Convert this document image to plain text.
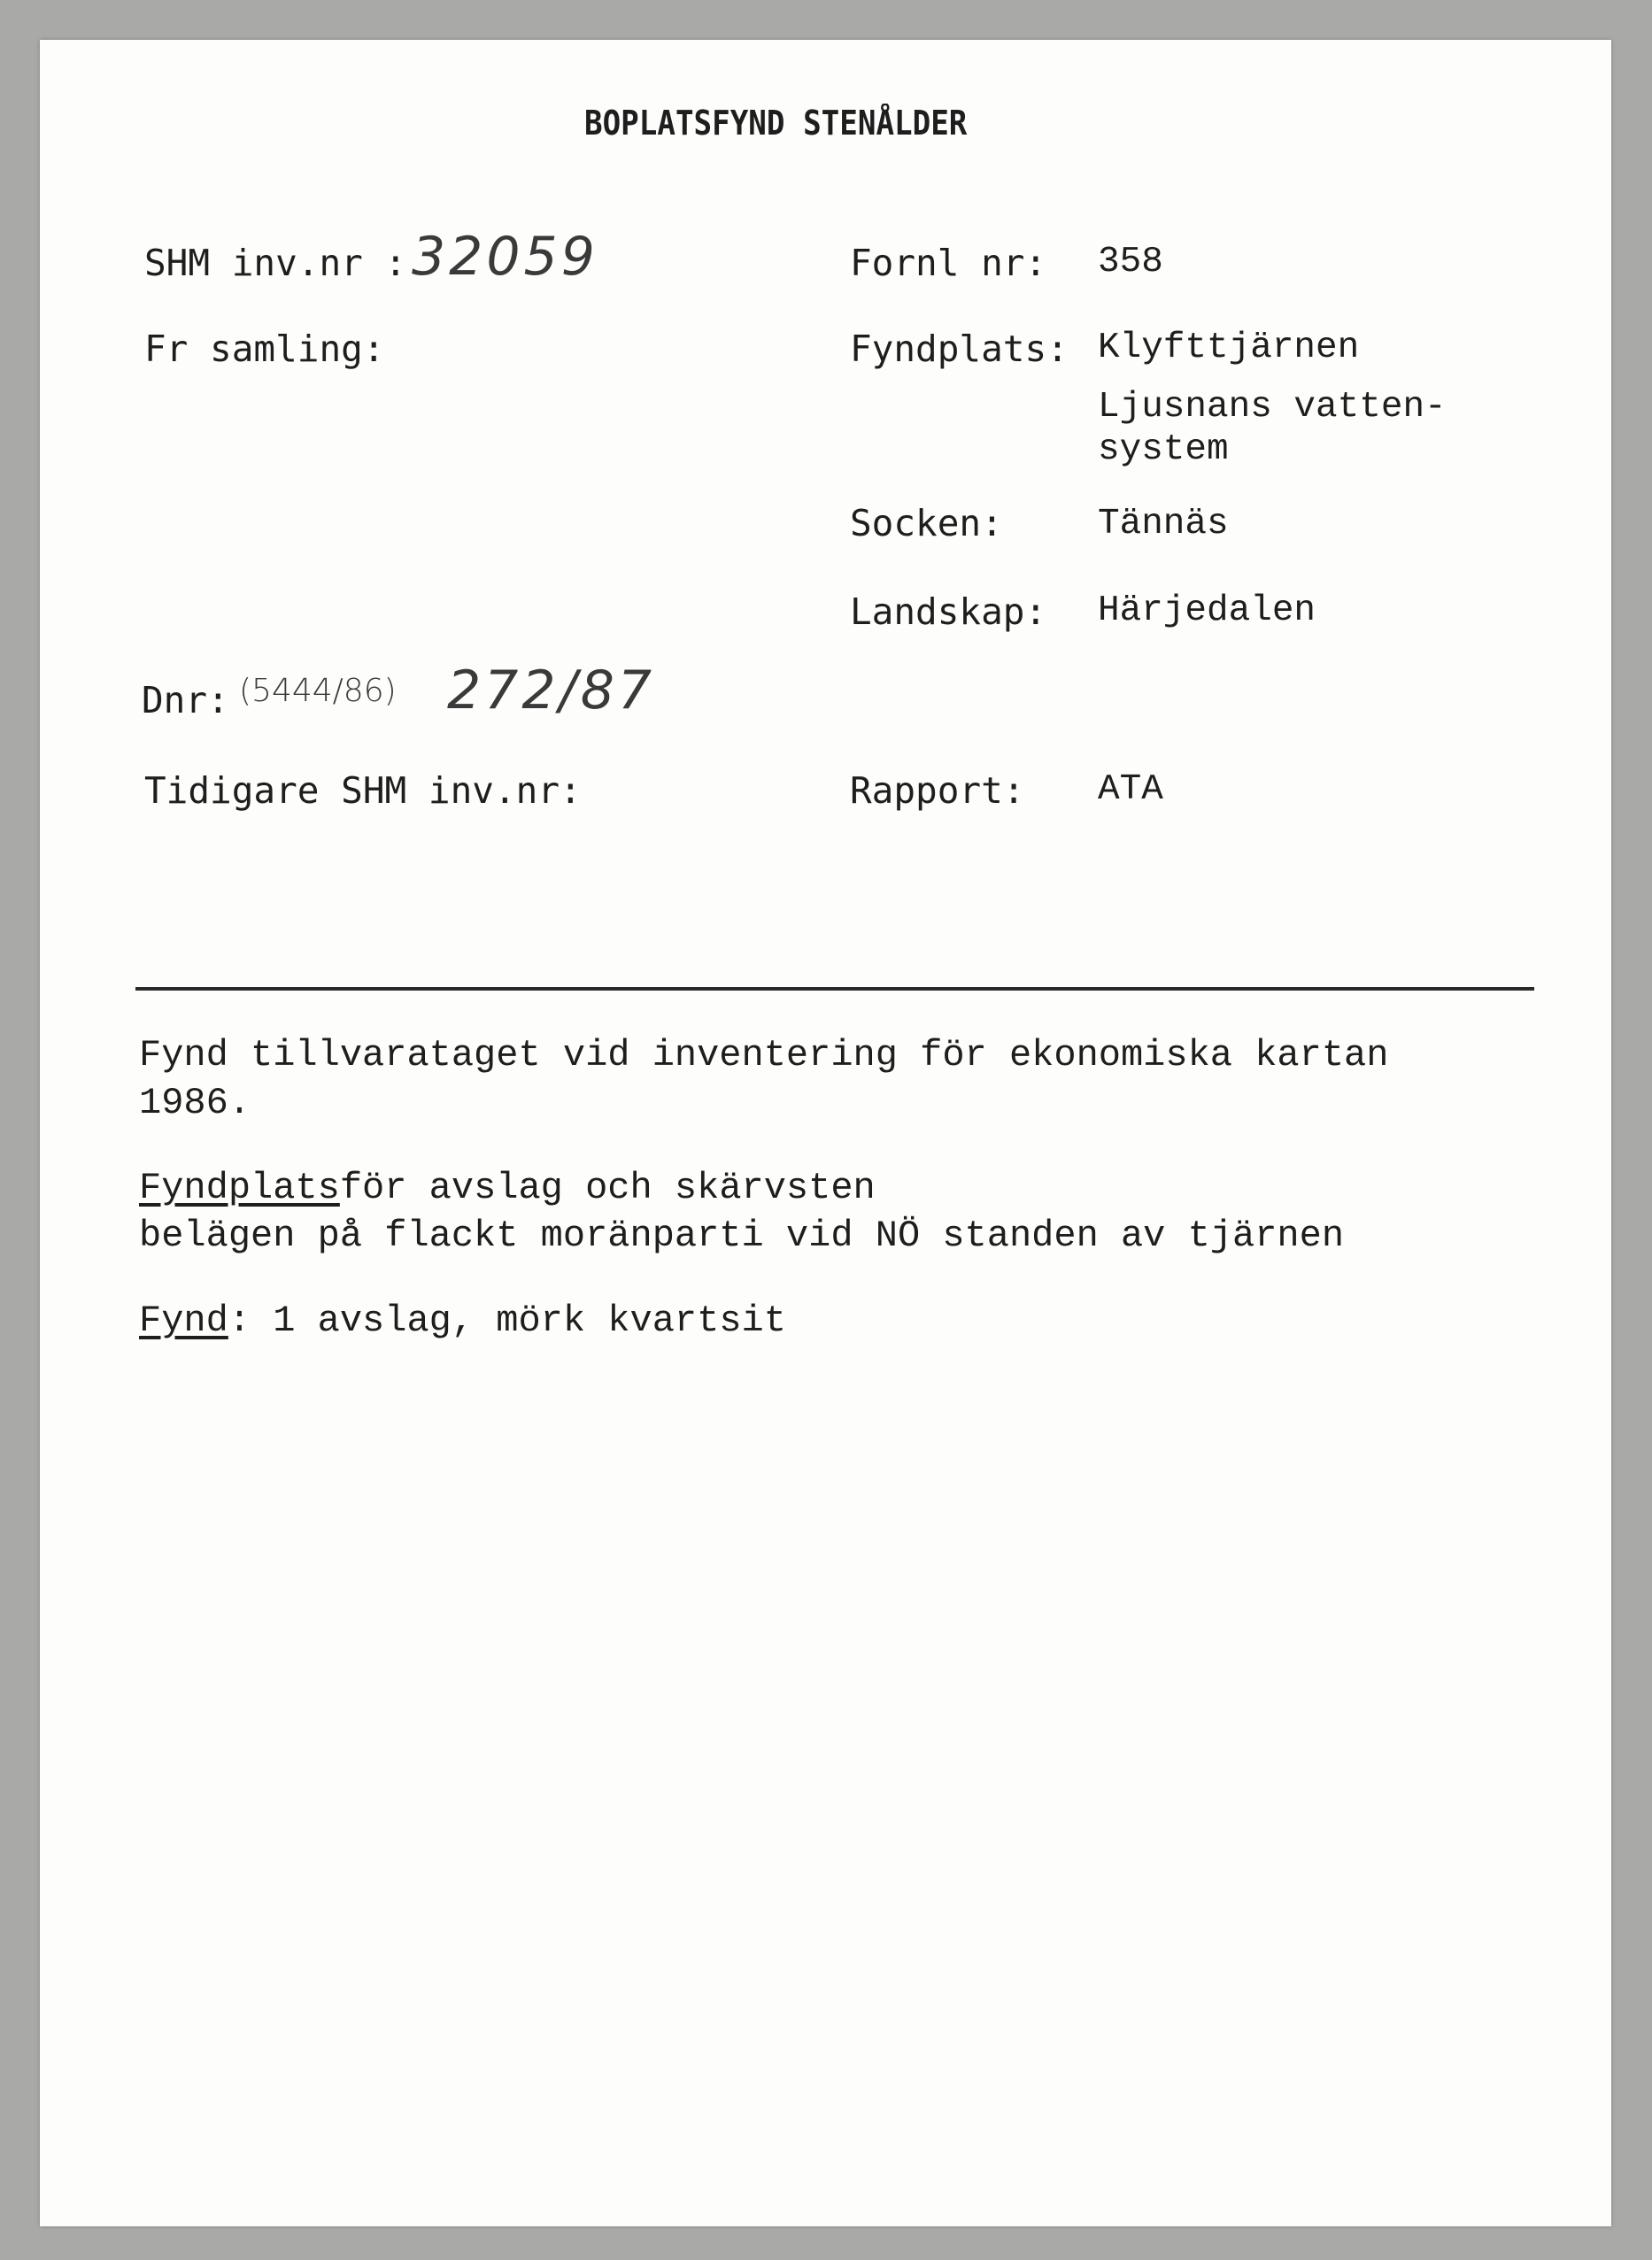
BOPLATSFYND STENÅLDER
SHM inv.nr : 32059
Fr samling:
Dnr: (5444/86) 272/87
Tidigare SHM inv.nr:
Fornl nr: 358
Fyndplats: Klyfttjärnen
Ljusnans vatten-
system
Socken:	Tännäs
Landskap: Härjedalen
Rapport: ATA
Fynd tillvarataget vid inventering för ekonomiska kartan
1986.
Fyndplatsför avslag och skärvsten
belägen på flackt moränparti vid NÖ standen av tjärnen
Fynd: 1 avslag, mörk kvartsit
